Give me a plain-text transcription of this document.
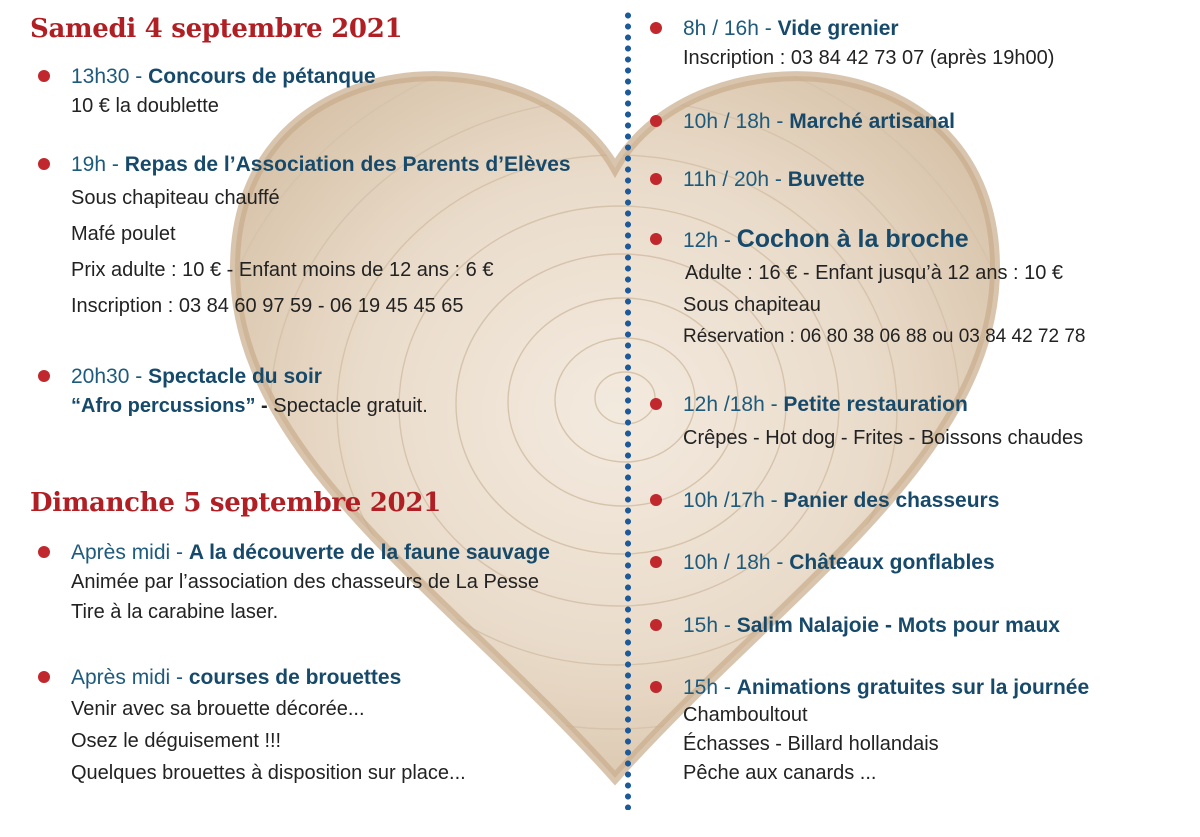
Samedi 4 septembre 2021
13h30 - Concours de pétanque
10 € la doublette
19h - Repas de l’Association des Parents d’Elèves
Sous chapiteau chauffé
Mafé poulet
Prix adulte : 10 € - Enfant moins de 12 ans : 6 €
Inscription : 03 84 60 97 59 - 06 19 45 45 65
20h30 - Spectacle du soir
“Afro percussions” - Spectacle gratuit.
Dimanche 5 septembre 2021
Après midi - A la découverte de la faune sauvage
Animée par l’association des chasseurs de La Pesse
Tire à la carabine laser.
Après midi - courses de brouettes
Venir avec sa brouette décorée...
Osez le déguisement !!!
Quelques brouettes à disposition sur place...
8h / 16h - Vide grenier
Inscription : 03 84 42 73 07 (après 19h00)
10h / 18h - Marché artisanal
11h / 20h - Buvette
12h - Cochon à la broche
Adulte : 16 € - Enfant jusqu’à 12 ans : 10 €
Sous chapiteau
Réservation : 06 80 38 06 88 ou 03 84 42 72 78
12h /18h - Petite restauration
Crêpes - Hot dog - Frites - Boissons chaudes
10h /17h - Panier des chasseurs
10h / 18h - Châteaux gonflables
15h - Salim Nalajoie - Mots pour maux
15h - Animations gratuites sur la journée
Chamboultout
Échasses - Billard hollandais
Pêche aux canards ...
